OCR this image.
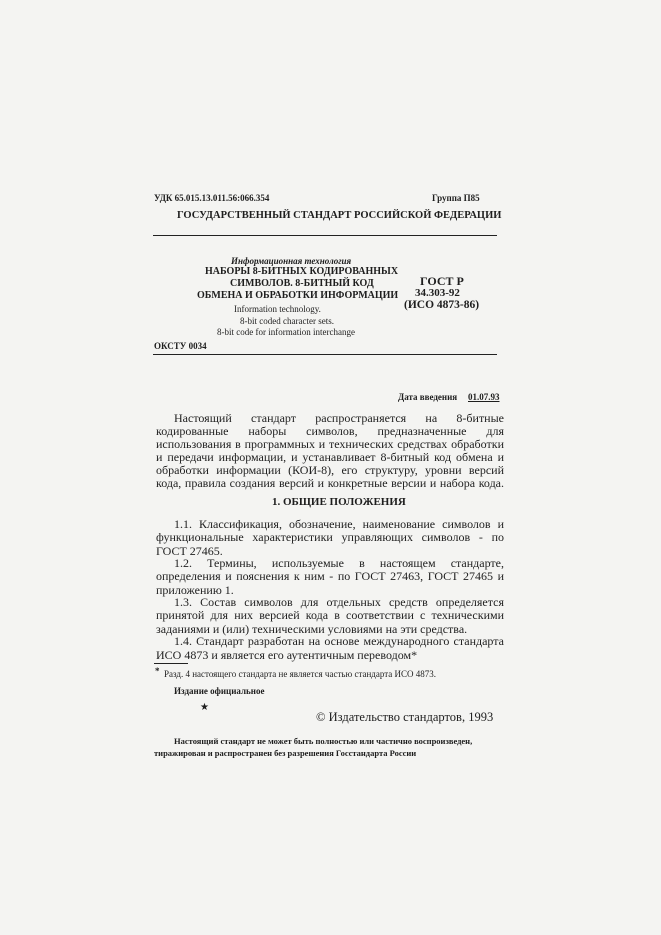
УДК 65.015.13.011.56:066.354	Группа П85
ГОСУДАРСТВЕННЫЙ СТАНДАРТ РОССИЙСКОЙ ФЕДЕРАЦИИ
Информационная технология
НАБОРЫ 8-БИТНЫХ КОДИРОВАННЫХ
СИМВОЛОВ. 8-БИТНЫЙ КОД
ОБМЕНА И ОБРАБОТКИ ИНФОРМАЦИИ
Information technology.
8-bit coded character sets.
8-bit code for information interchange
ГОСТ Р
34.303-92
(ИСО 4873-86)
ОКСТУ 0034
Дата введения 01.07.93
Настоящий стандарт распространяется на 8-битные
кодированные наборы символов, предназначенные для
использования в программных и технических средствах обработки
и передачи информации, и устанавливает 8-битный код обмена и
обработки информации (КОИ-8), его структуру, уровни версий
кода, правила создания версий и конкретные версии и набора кода.
1. ОБЩИЕ ПОЛОЖЕНИЯ
1.1. Классификация, обозначение, наименование символов и
функциональные характеристики управляющих символов - по
ГОСТ 27465.
1.2. Термины, используемые в настоящем стандарте,
определения и пояснения к ним - по ГОСТ 27463, ГОСТ 27465 и
приложению 1.
1.3. Состав символов для отдельных средств определяется
принятой для них версией кода в соответствии с техническими
заданиями и (или) техническими условиями на эти средства.
1.4. Стандарт разработан на основе международного стандарта
ИСО 4873 и является его аутентичным переводом*
* Разд. 4 настоящего стандарта не является частью стандарта ИСО 4873.
Издание официальное
★
© Издательство стандартов, 1993
Настоящий стандарт не может быть полностью или частично воспроизведен,
тиражирован и распространен без разрешения Госстандарта России
